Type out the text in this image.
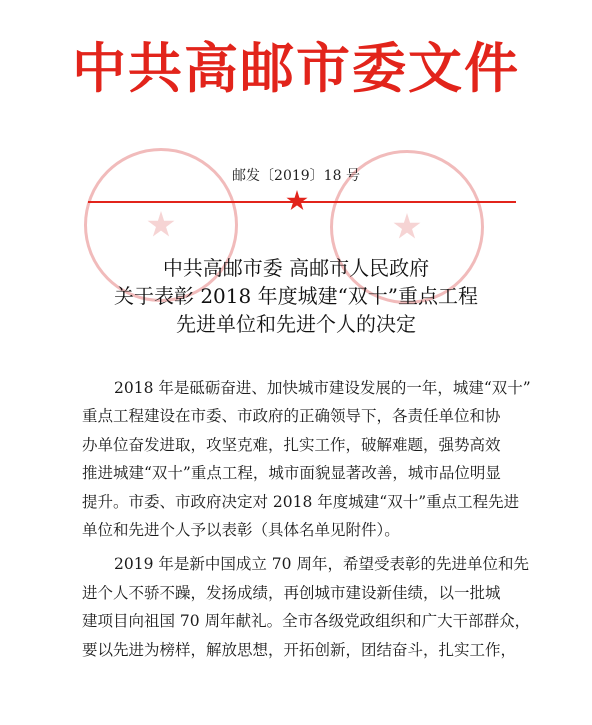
中共高邮市委文件
邮发〔2019〕18 号
中共高邮市委 高邮市人民政府
关于表彰 2018 年度城建“双十”重点工程
先进单位和先进个人的决定
2018 年是砥砺奋进、加快城市建设发展的一年，城建“双十”
重点工程建设在市委、市政府的正确领导下，各责任单位和协
办单位奋发进取，攻坚克难，扎实工作，破解难题，强势高效
推进城建“双十”重点工程，城市面貌显著改善，城市品位明显
提升。市委、市政府决定对 2018 年度城建“双十”重点工程先进
单位和先进个人予以表彰（具体名单见附件）。
2019 年是新中国成立 70 周年，希望受表彰的先进单位和先
进个人不骄不躁，发扬成绩，再创城市建设新佳绩，以一批城
建项目向祖国 70 周年献礼。全市各级党政组织和广大干部群众，
要以先进为榜样，解放思想，开拓创新，团结奋斗，扎实工作，
